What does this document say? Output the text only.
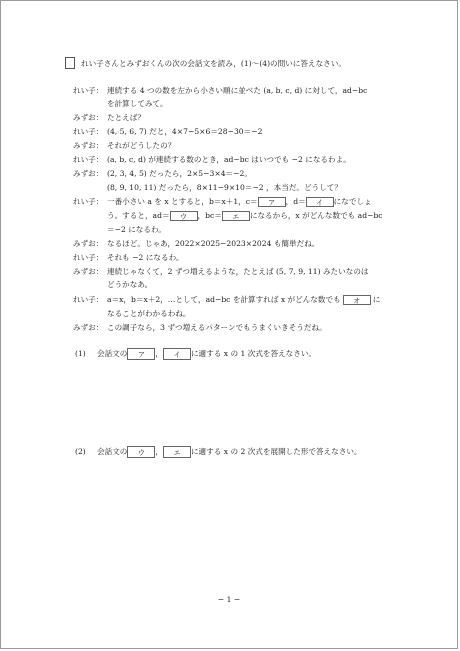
れい子さんとみずおくんの次の会話文を読み，(1)〜(4)の問いに答えなさい。
れい子： 連続する 4 つの数を左から小さい順に並べた (a, b, c, d) に対して，ad−bc
を計算してみて。
みずお： たとえば？
れい子： (4, 5, 6, 7) だと，4×7−5×6＝28−30＝−2
みずお： それがどうしたの？
れい子： (a, b, c, d) が連続する数のとき，ad−bc はいつでも −2 になるわよ。
みずお： (2, 3, 4, 5) だったら，2×5−3×4＝−2。
(8, 9, 10, 11) だったら，8×11−9×10＝−2 ，本当だ。どうして？
れい子： 一番小さい a を x とすると，b＝x＋1，c＝ ア ，d＝ イ になでしょ
う。すると，ad＝ ウ ，bc＝ エ になるから，x がどんな数でも ad−bc
＝−2 になるわ。
みずお： なるほど。じゃあ，2022×2025−2023×2024 も簡単だね。
れい子： それも −2 になるわ。
みずお： 連続じゃなくて，2 ずつ増えるような，たとえば (5, 7, 9, 11) みたいなのは
どうかなあ。
れい子： a＝x，b＝x＋2，…として，ad−bc を計算すれば x がどんな数でも オ に
なることがわかるわね。
みずお： この調子なら，3 ずつ増えるパターンでもうまくいきそうだね。
(1) 会話文の ア ， イ に適する x の 1 次式を答えなさい。
(2) 会話文の ウ ， エ に適する x の 2 次式を展開した形で答えなさい。
− 1 −
